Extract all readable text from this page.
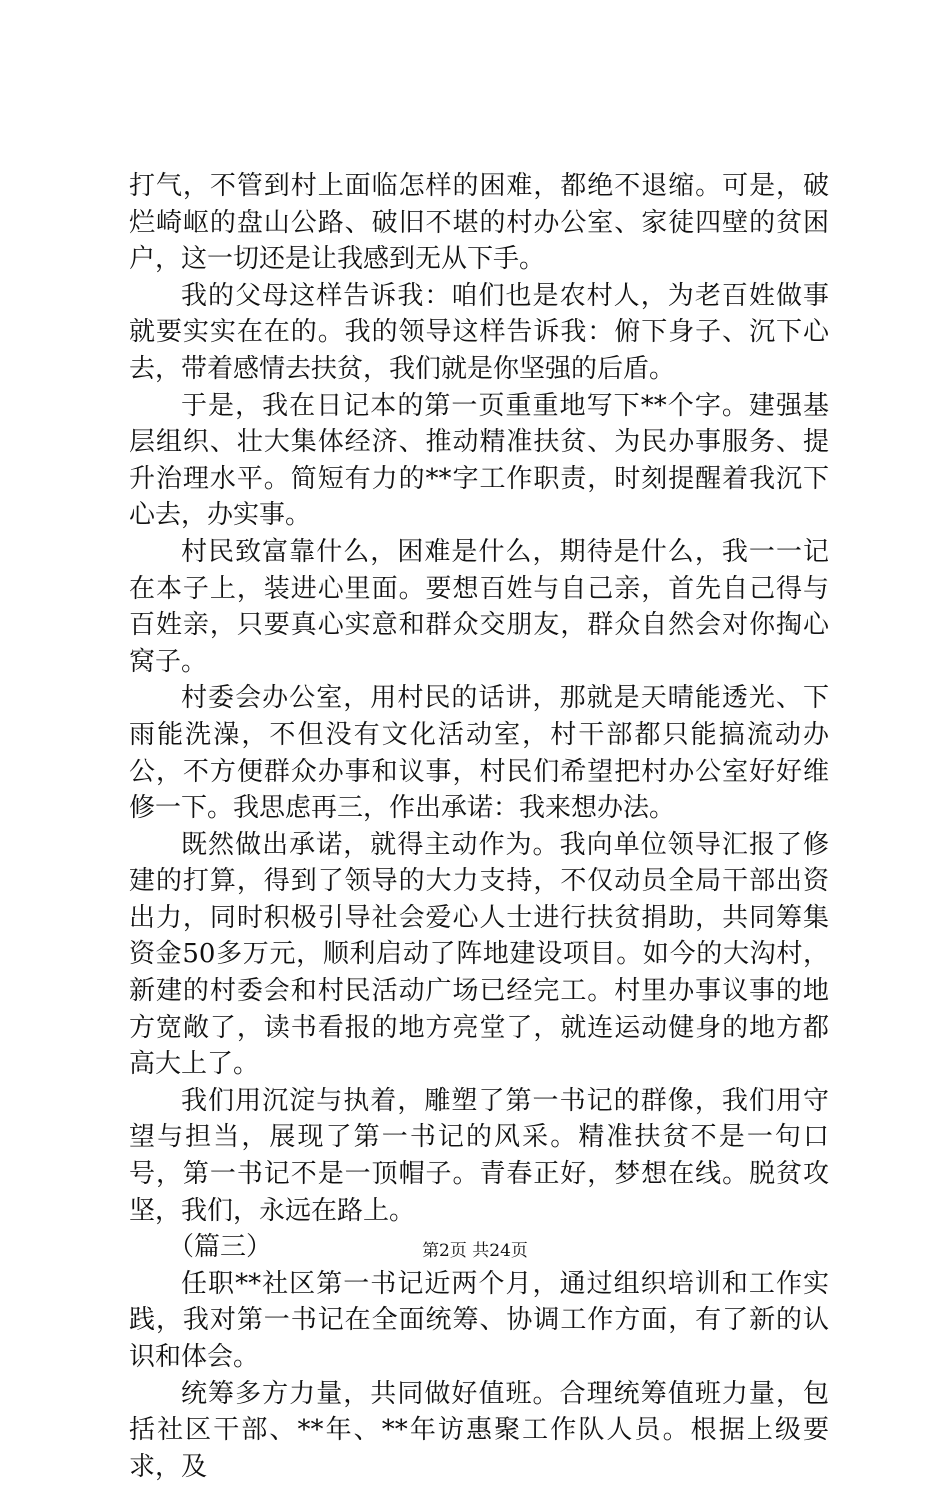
打气，不管到村上面临怎样的困难，都绝不退缩。可是，破烂崎岖的盘山公路、破旧不堪的村办公室、家徒四壁的贫困户，这一切还是让我感到无从下手。

我的父母这样告诉我：咱们也是农村人，为老百姓做事就要实实在在的。我的领导这样告诉我：俯下身子、沉下心去，带着感情去扶贫，我们就是你坚强的后盾。

于是，我在日记本的第一页重重地写下**个字。建强基层组织、壮大集体经济、推动精准扶贫、为民办事服务、提升治理水平。简短有力的**字工作职责，时刻提醒着我沉下心去，办实事。

村民致富靠什么，困难是什么，期待是什么，我一一记在本子上，装进心里面。要想百姓与自己亲，首先自己得与百姓亲，只要真心实意和群众交朋友，群众自然会对你掏心窝子。

村委会办公室，用村民的话讲，那就是天晴能透光、下雨能洗澡，不但没有文化活动室，村干部都只能搞流动办公，不方便群众办事和议事，村民们希望把村办公室好好维修一下。我思虑再三，作出承诺：我来想办法。

既然做出承诺，就得主动作为。我向单位领导汇报了修建的打算，得到了领导的大力支持，不仅动员全局干部出资出力，同时积极引导社会爱心人士进行扶贫捐助，共同筹集资金50多万元，顺利启动了阵地建设项目。如今的大沟村，新建的村委会和村民活动广场已经完工。村里办事议事的地方宽敞了，读书看报的地方亮堂了，就连运动健身的地方都高大上了。

我们用沉淀与执着，雕塑了第一书记的群像，我们用守望与担当，展现了第一书记的风采。精准扶贫不是一句口号，第一书记不是一顶帽子。青春正好，梦想在线。脱贫攻坚，我们，永远在路上。

（篇三）

任职**社区第一书记近两个月，通过组织培训和工作实践，我对第一书记在全面统筹、协调工作方面，有了新的认识和体会。

统筹多方力量，共同做好值班。合理统筹值班力量，包括社区干部、**年、**年访惠聚工作队人员。根据上级要求，及

第2页 共24页
